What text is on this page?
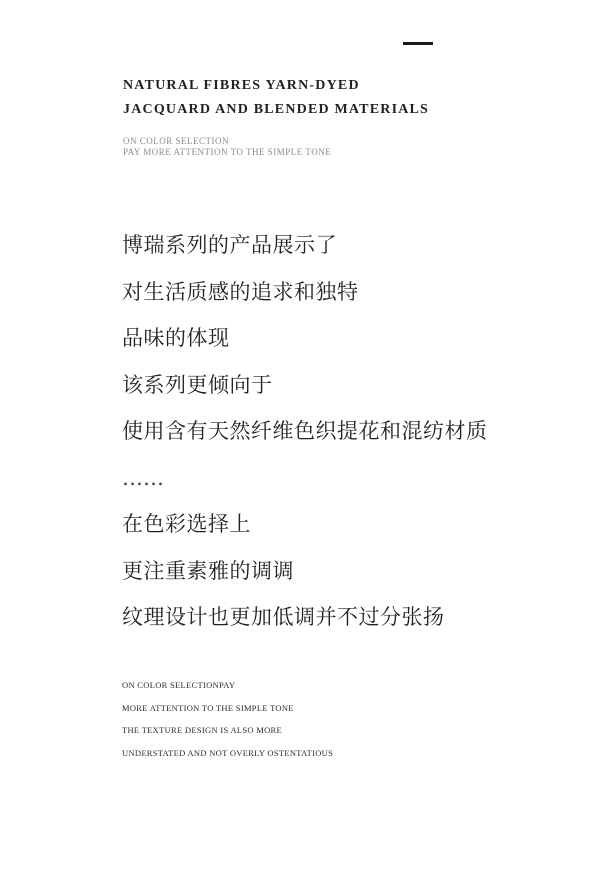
NATURAL FIBRES YARN-DYED
JACQUARD AND BLENDED MATERIALS
ON COLOR SELECTION
PAY MORE ATTENTION TO THE SIMPLE TONE
博瑞系列的产品展示了
对生活质感的追求和独特
品味的体现
该系列更倾向于
使用含有天然纤维色织提花和混纺材质
……
在色彩选择上
更注重素雅的调调
纹理设计也更加低调并不过分张扬
ON COLOR SELECTIONPAY
MORE ATTENTION TO THE SIMPLE TONE
THE TEXTURE DESIGN IS ALSO MORE
UNDERSTATED AND NOT OVERLY OSTENTATIOUS
